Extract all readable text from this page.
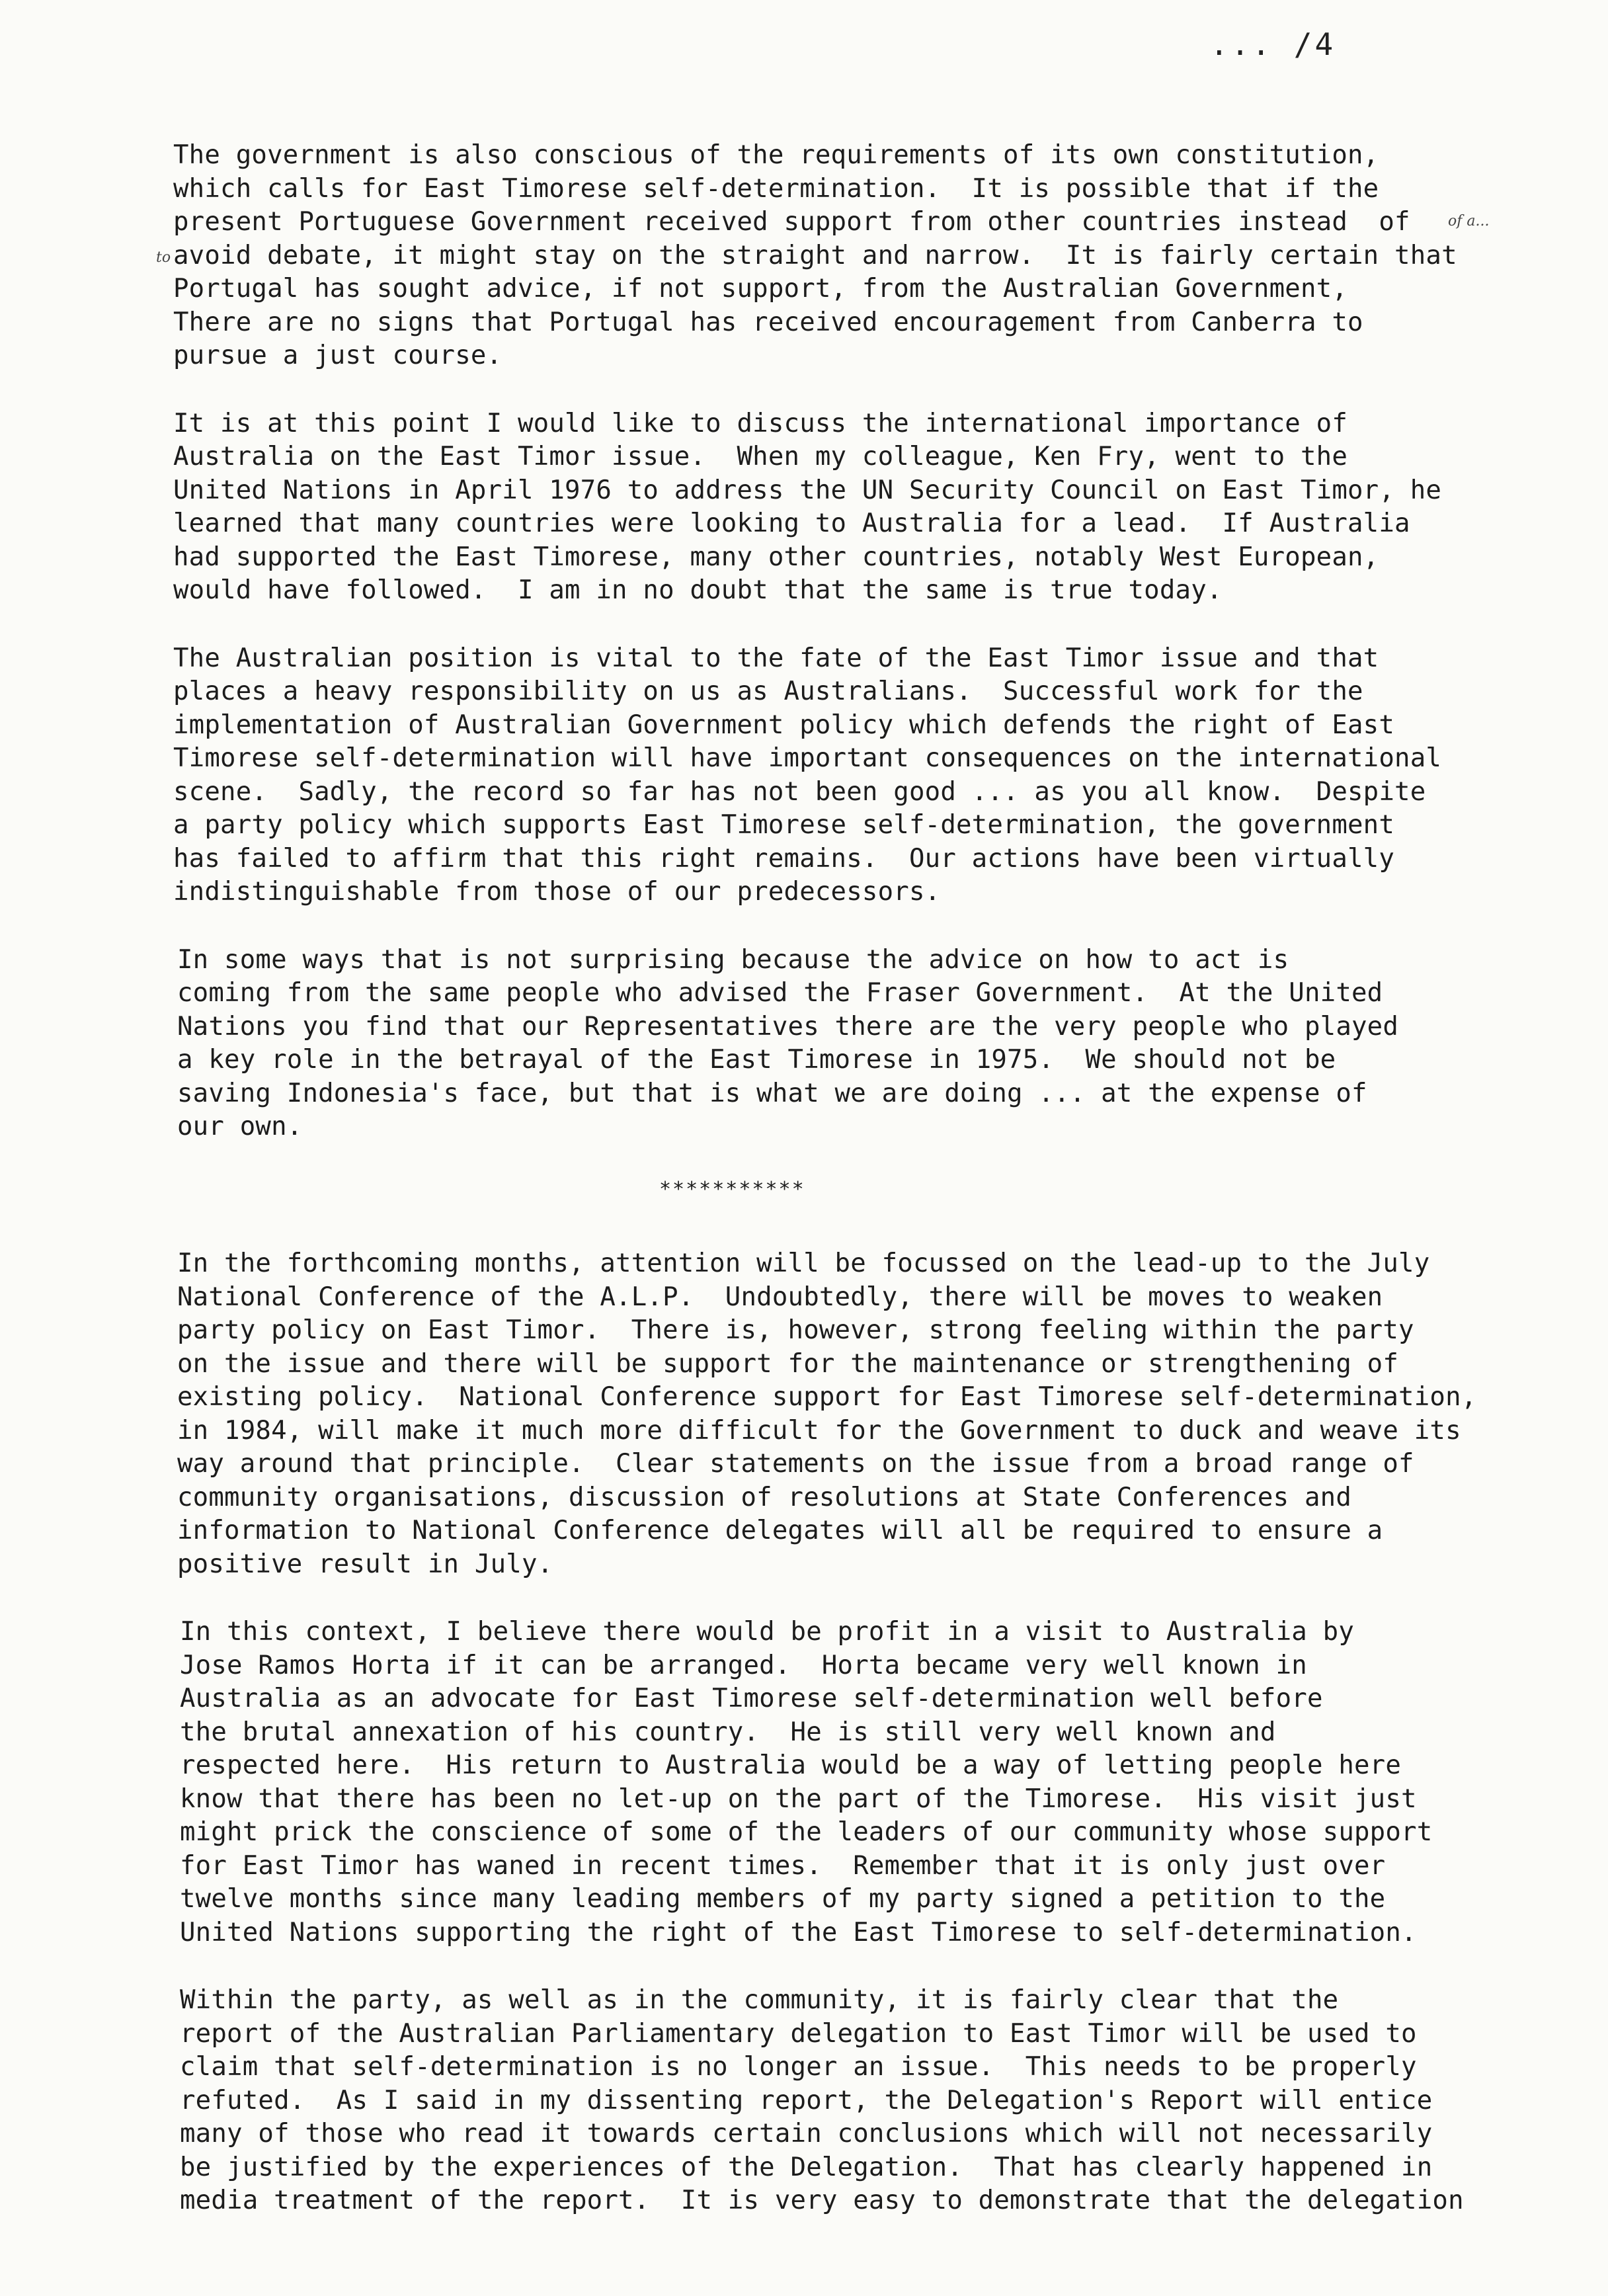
... /4
of a...
to
The government is also conscious of the requirements of its own constitution,
which calls for East Timorese self-determination.  It is possible that if the
present Portuguese Government received support from other countries instead  of
avoid debate, it might stay on the straight and narrow.  It is fairly certain that
Portugal has sought advice, if not support, from the Australian Government,
There are no signs that Portugal has received encouragement from Canberra to
pursue a just course.
It is at this point I would like to discuss the international importance of
Australia on the East Timor issue.  When my colleague, Ken Fry, went to the
United Nations in April 1976 to address the UN Security Council on East Timor, he
learned that many countries were looking to Australia for a lead.  If Australia
had supported the East Timorese, many other countries, notably West European,
would have followed.  I am in no doubt that the same is true today.
The Australian position is vital to the fate of the East Timor issue and that
places a heavy responsibility on us as Australians.  Successful work for the
implementation of Australian Government policy which defends the right of East
Timorese self-determination will have important consequences on the international
scene.  Sadly, the record so far has not been good ... as you all know.  Despite
a party policy which supports East Timorese self-determination, the government
has failed to affirm that this right remains.  Our actions have been virtually
indistinguishable from those of our predecessors.
In some ways that is not surprising because the advice on how to act is
coming from the same people who advised the Fraser Government.  At the United
Nations you find that our Representatives there are the very people who played
a key role in the betrayal of the East Timorese in 1975.  We should not be
saving Indonesia's face, but that is what we are doing ... at the expense of
our own.
***********
In the forthcoming months, attention will be focussed on the lead-up to the July
National Conference of the A.L.P.  Undoubtedly, there will be moves to weaken
party policy on East Timor.  There is, however, strong feeling within the party
on the issue and there will be support for the maintenance or strengthening of
existing policy.  National Conference support for East Timorese self-determination,
in 1984, will make it much more difficult for the Government to duck and weave its
way around that principle.  Clear statements on the issue from a broad range of
community organisations, discussion of resolutions at State Conferences and
information to National Conference delegates will all be required to ensure a
positive result in July.
In this context, I believe there would be profit in a visit to Australia by
Jose Ramos Horta if it can be arranged.  Horta became very well known in
Australia as an advocate for East Timorese self-determination well before
the brutal annexation of his country.  He is still very well known and
respected here.  His return to Australia would be a way of letting people here
know that there has been no let-up on the part of the Timorese.  His visit just
might prick the conscience of some of the leaders of our community whose support
for East Timor has waned in recent times.  Remember that it is only just over
twelve months since many leading members of my party signed a petition to the
United Nations supporting the right of the East Timorese to self-determination.
Within the party, as well as in the community, it is fairly clear that the
report of the Australian Parliamentary delegation to East Timor will be used to
claim that self-determination is no longer an issue.  This needs to be properly
refuted.  As I said in my dissenting report, the Delegation's Report will entice
many of those who read it towards certain conclusions which will not necessarily
be justified by the experiences of the Delegation.  That has clearly happened in
media treatment of the report.  It is very easy to demonstrate that the delegation
